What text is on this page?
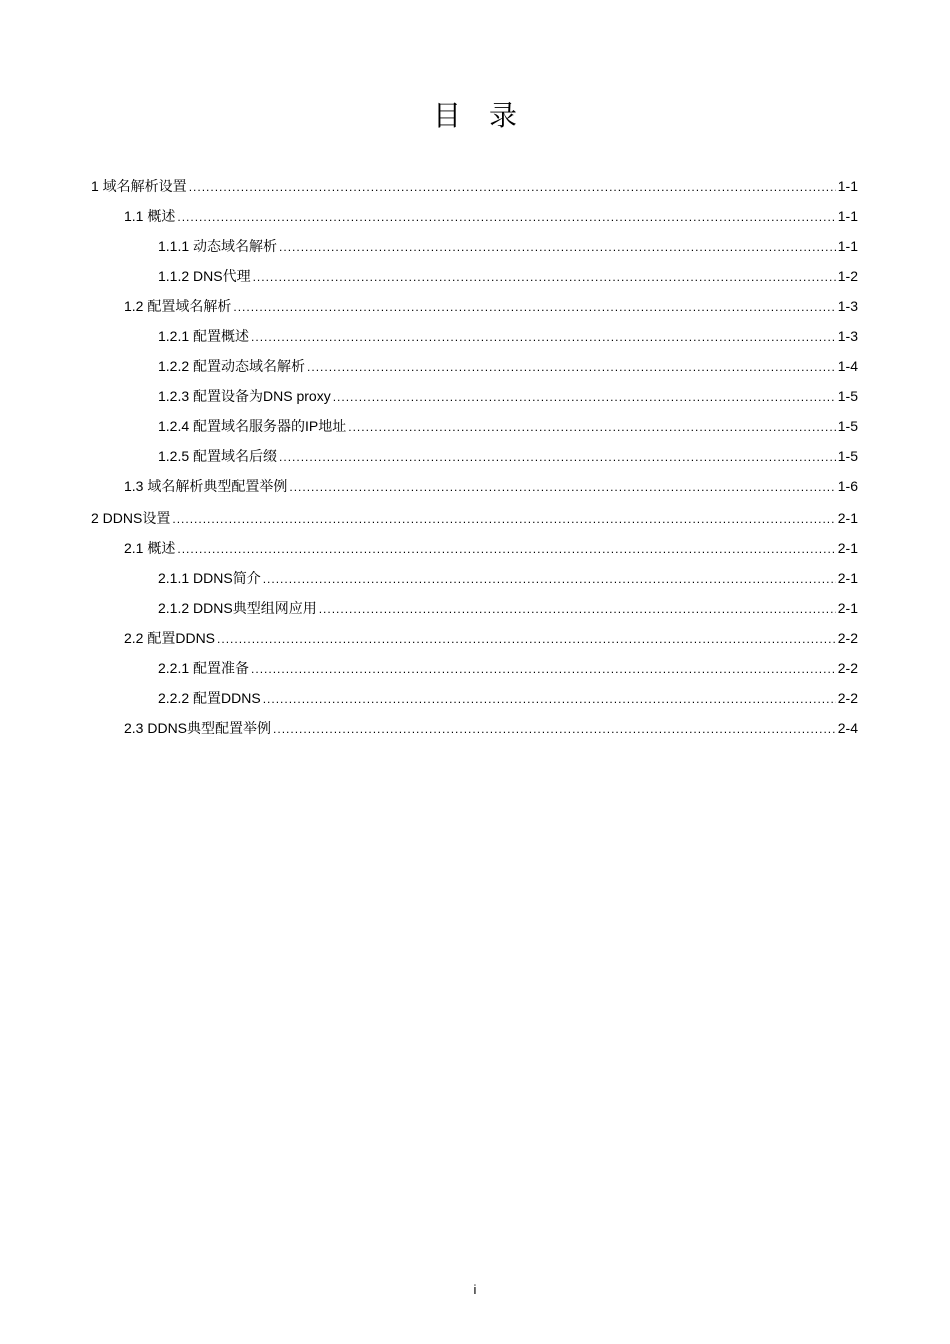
目　录
1 域名解析设置 .....	1-1
1.1 概述 .....	1-1
1.1.1 动态域名解析 .....	1-1
1.1.2 DNS代理 .....	1-2
1.2 配置域名解析 .....	1-3
1.2.1 配置概述 .....	1-3
1.2.2 配置动态域名解析 .....	1-4
1.2.3 配置设备为DNS proxy .....	1-5
1.2.4 配置域名服务器的IP地址 .....	1-5
1.2.5 配置域名后缀 .....	1-5
1.3 域名解析典型配置举例 .....	1-6
2 DDNS设置 .....	2-1
2.1 概述 .....	2-1
2.1.1 DDNS简介 .....	2-1
2.1.2 DDNS典型组网应用 .....	2-1
2.2 配置DDNS .....	2-2
2.2.1 配置准备 .....	2-2
2.2.2 配置DDNS .....	2-2
2.3 DDNS典型配置举例 .....	2-4
i
